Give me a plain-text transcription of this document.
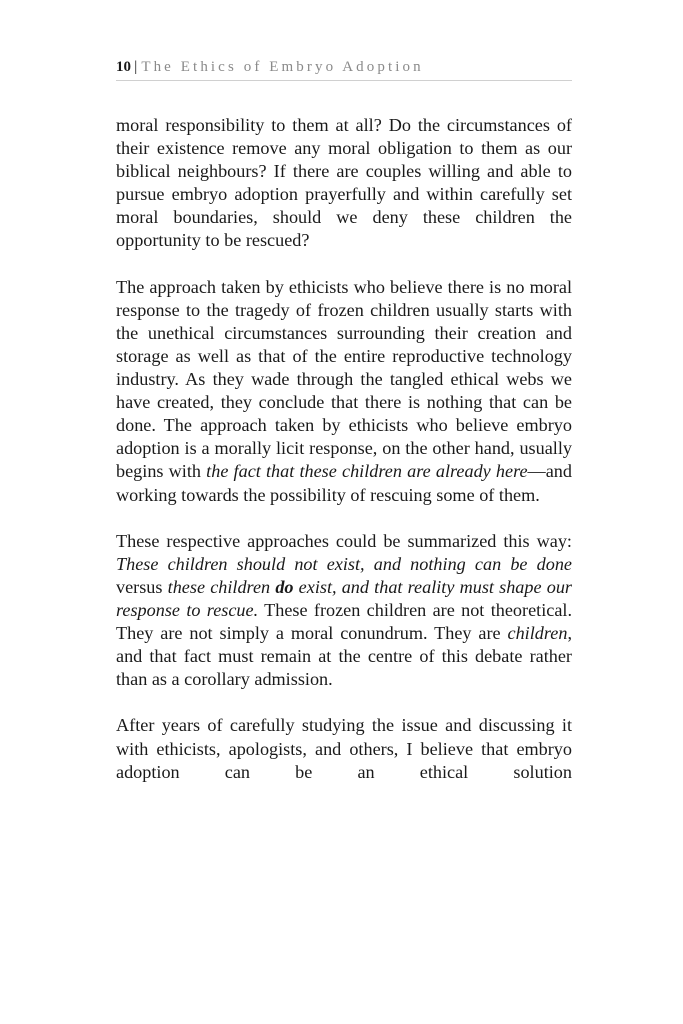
10 | The Ethics of Embryo Adoption

moral responsibility to them at all? Do the circumstances of their existence remove any moral obligation to them as our biblical neighbours? If there are couples willing and able to pursue embryo adoption prayerfully and within carefully set moral boundaries, should we deny these children the opportunity to be rescued?

The approach taken by ethicists who believe there is no moral response to the tragedy of frozen children usually starts with the unethical circumstances surrounding their creation and storage as well as that of the entire reproductive technology industry. As they wade through the tangled ethical webs we have created, they conclude that there is nothing that can be done. The approach taken by ethicists who believe embryo adoption is a morally licit response, on the other hand, usually begins with the fact that these children are already here—and working towards the possibility of rescuing some of them.

These respective approaches could be summarized this way: These children should not exist, and nothing can be done versus these children do exist, and that reality must shape our response to rescue. These frozen children are not theoretical. They are not simply a moral conundrum. They are children, and that fact must remain at the centre of this debate rather than as a corollary admission.

After years of carefully studying the issue and discussing it with ethicists, apologists, and others, I believe that embryo adoption can be an ethical solution
